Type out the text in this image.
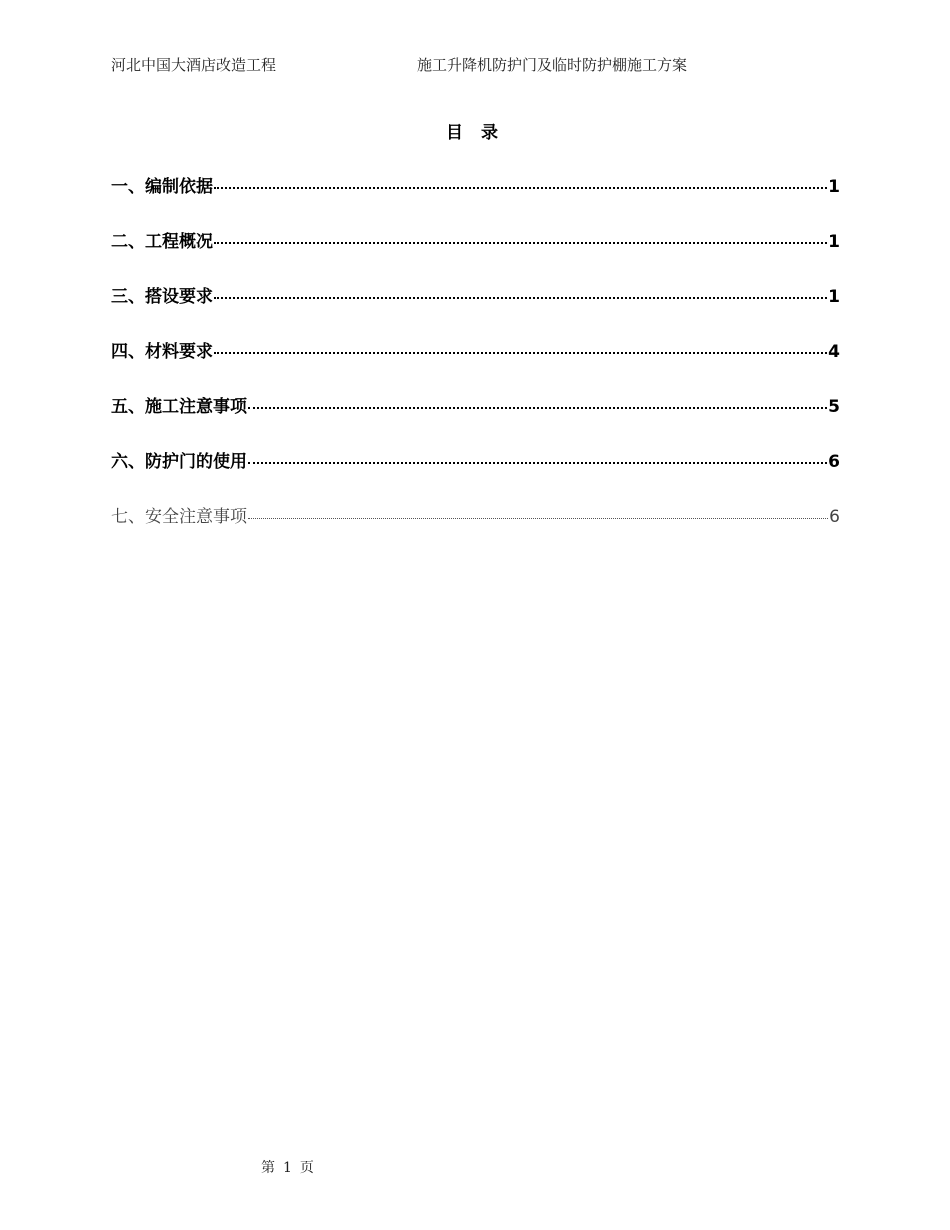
河北中国大酒店改造工程	施工升降机防护门及临时防护棚施工方案
目 录
一、编制依据	1
二、工程概况	1
三、搭设要求	1
四、材料要求	4
五、施工注意事项	5
六、防护门的使用	6
七、安全注意事项	6
第 1 页
